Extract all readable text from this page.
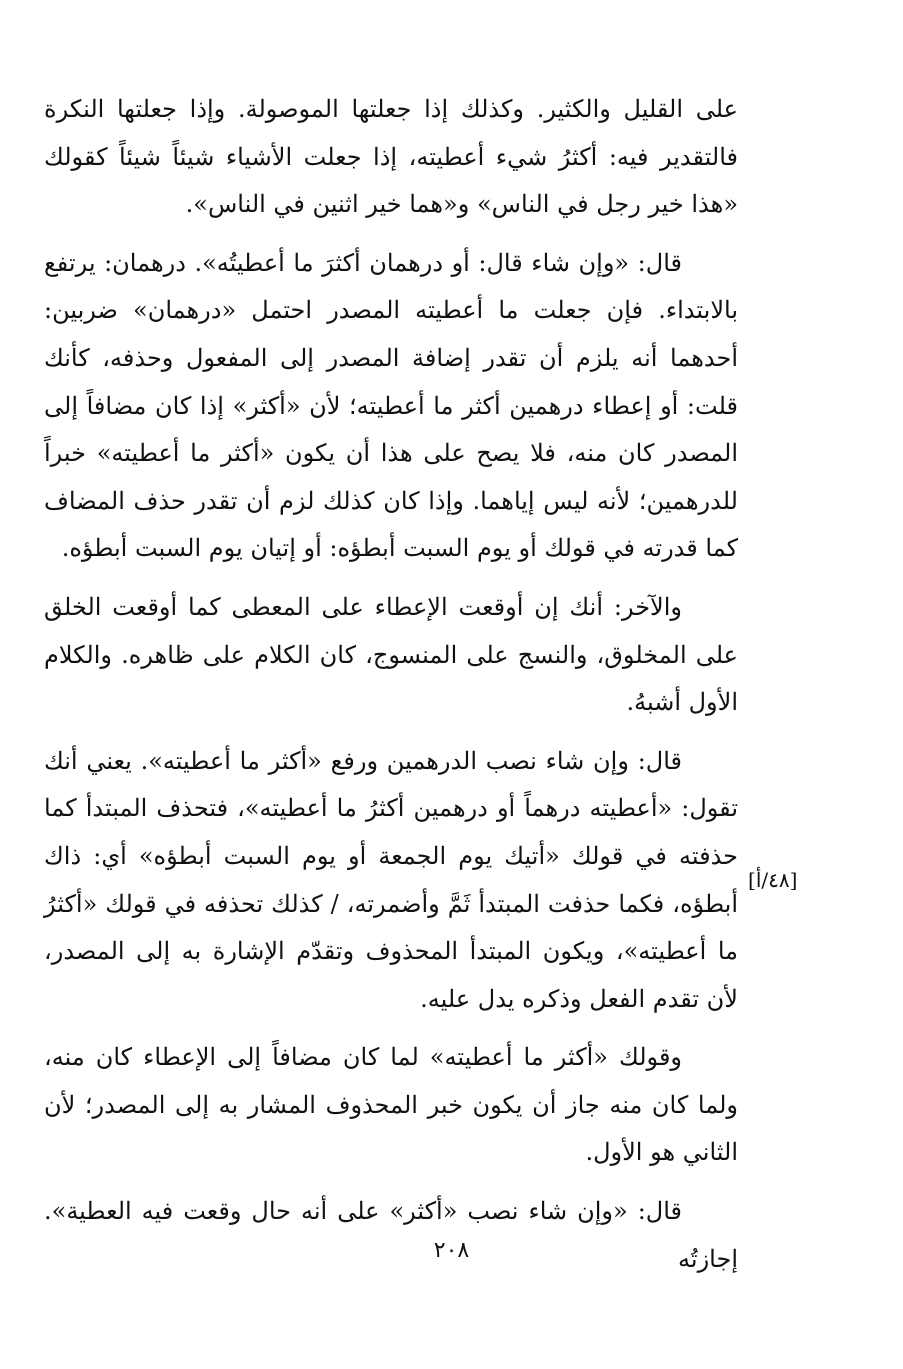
على القليل والكثير. وكذلك إذا جعلتها الموصولة. وإذا جعلتها النكرة فالتقدير فيه: أكثرُ شيء أعطيته، إذا جعلت الأشياء شيئاً شيئاً كقولك «هذا خير رجل في الناس» و«هما خير اثنين في الناس».

قال: «وإن شاء قال: أو درهمان أكثرَ ما أعطيتُه». درهمان: يرتفع بالابتداء. فإن جعلت ما أعطيته المصدر احتمل «درهمان» ضربين: أحدهما أنه يلزم أن تقدر إضافة المصدر إلى المفعول وحذفه، كأنك قلت: أو إعطاء درهمين أكثر ما أعطيته؛ لأن «أكثر» إذا كان مضافاً إلى المصدر كان منه، فلا يصح على هذا أن يكون «أكثر ما أعطيته» خبراً للدرهمين؛ لأنه ليس إياهما. وإذا كان كذلك لزم أن تقدر حذف المضاف كما قدرته في قولك أو يوم السبت أبطؤه: أو إتيان يوم السبت أبطؤه.

والآخر: أنك إن أوقعت الإعطاء على المعطى كما أوقعت الخلق على المخلوق، والنسج على المنسوج، كان الكلام على ظاهره. والكلام الأول أشبهُ.

قال: وإن شاء نصب الدرهمين ورفع «أكثر ما أعطيته». يعني أنك تقول: «أعطيته درهماً أو درهمين أكثرُ ما أعطيته»، فتحذف المبتدأ كما حذفته في قولك «أتيك يوم الجمعة أو يوم السبت أبطؤه» أي: ذاك أبطؤه، فكما حذفت المبتدأ ثَمَّ وأضمرته، / كذلك تحذفه في قولك «أكثرُ ما أعطيته»، ويكون المبتدأ المحذوف وتقدّم الإشارة به إلى المصدر، لأن تقدم الفعل وذكره يدل عليه.

وقولك «أكثر ما أعطيته» لما كان مضافاً إلى الإعطاء كان منه، ولما كان منه جاز أن يكون خبر المحذوف المشار به إلى المصدر؛ لأن الثاني هو الأول.

قال: «وإن شاء نصب «أكثر» على أنه حال وقعت فيه العطية». إجازتُه

[٤٨/أ]
٢٠٨
